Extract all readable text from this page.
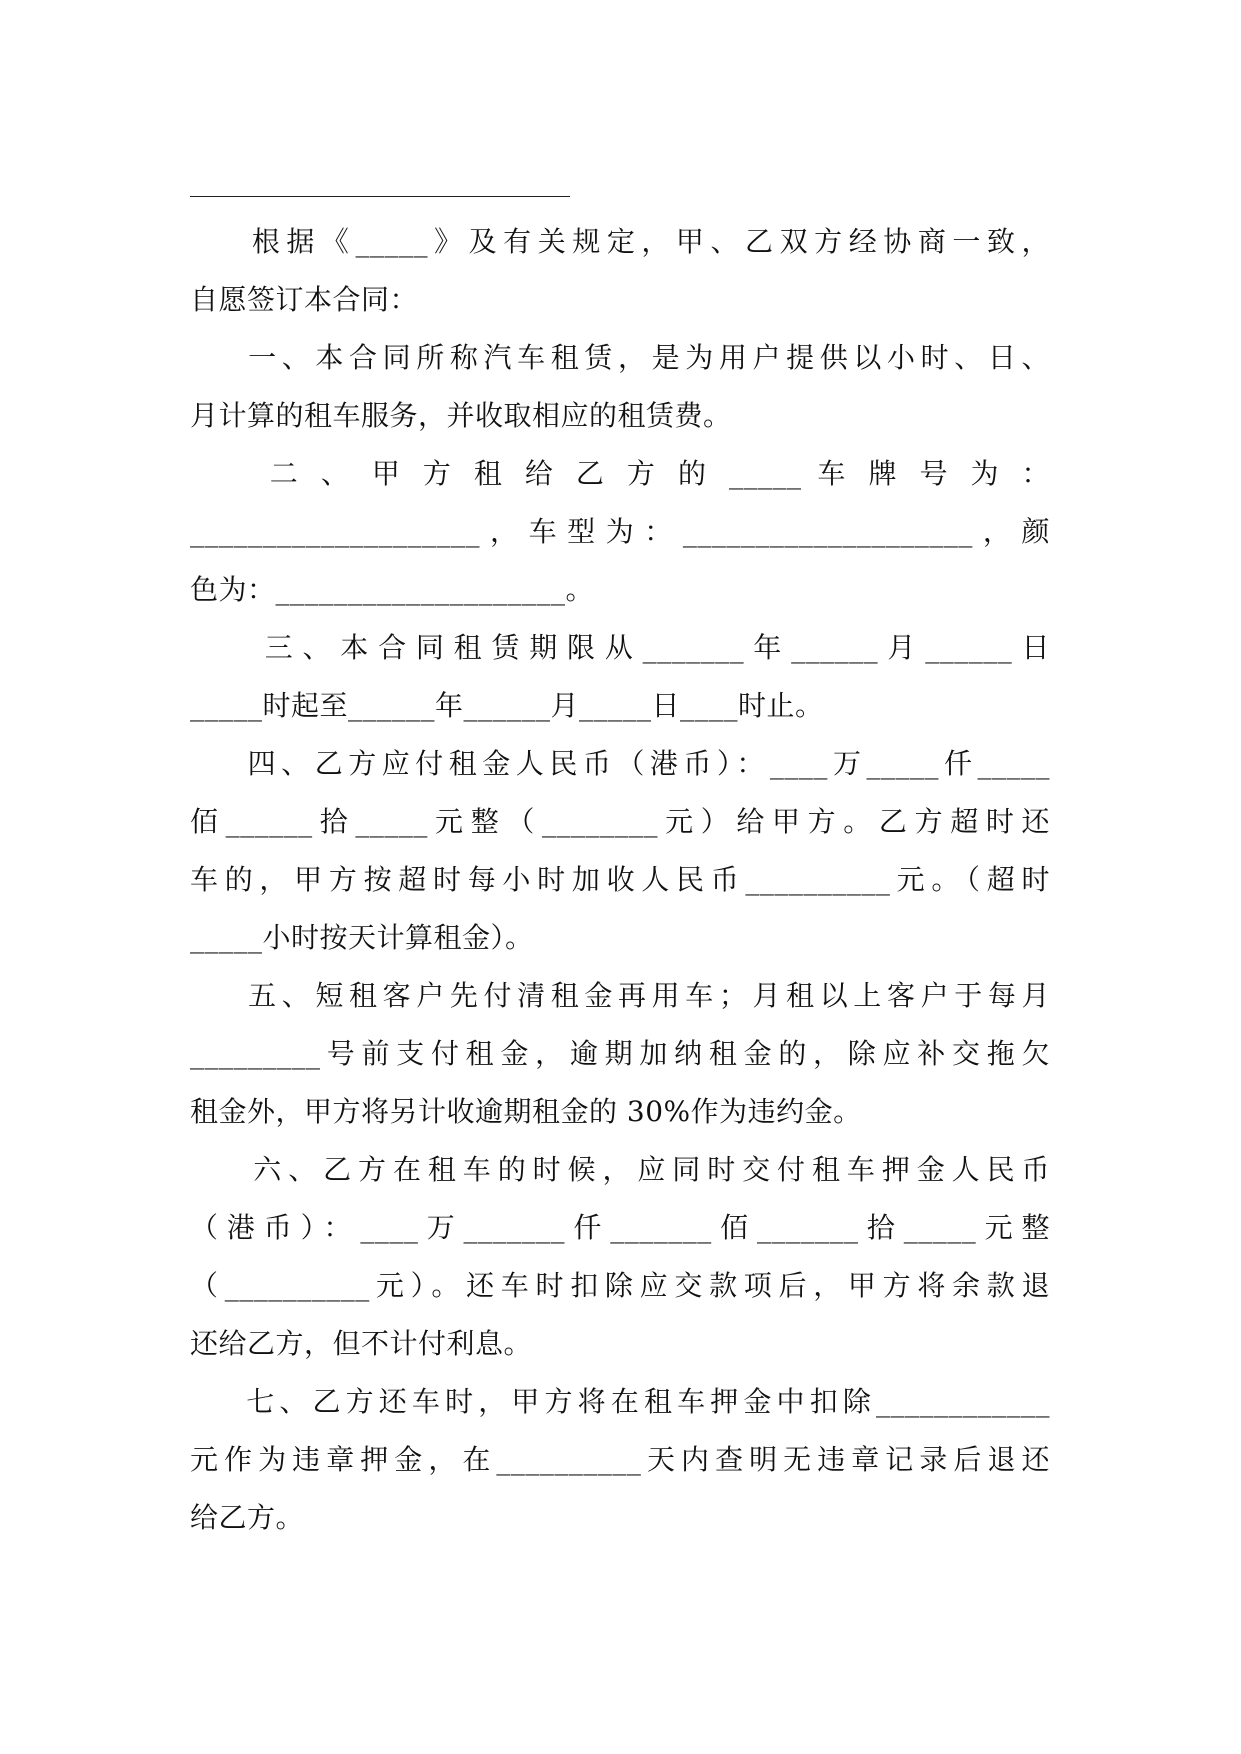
根据《_____》及有关规定，甲、乙双方经协商一致，
自愿签订本合同：
一、本合同所称汽车租赁，是为用户提供以小时、日、
月计算的租车服务，并收取相应的租赁费。
二 、 甲 方 租 给 乙 方 的 _____ 车 牌 号 为 ：
____________________，车型为：____________________，颜
色为：____________________。
三、本合同租赁期限从_______年______月______日
_____时起至______年______月_____日____时止。
四、乙方应付租金人民币（港币）：____万_____仟_____
佰______拾_____元整（________元）给甲方。乙方超时还
车的，甲方按超时每小时加收人民币__________元。（超时
_____小时按天计算租金）。
五、短租客户先付清租金再用车；月租以上客户于每月
_________号前支付租金，逾期加纳租金的，除应补交拖欠
租金外，甲方将另计收逾期租金的 30%作为违约金。
六、乙方在租车的时候，应同时交付租车押金人民币
（港币）：____万_______仟_______佰_______拾_____元整
（__________元）。还车时扣除应交款项后，甲方将余款退
还给乙方，但不计付利息。
七、乙方还车时，甲方将在租车押金中扣除____________
元作为违章押金，在__________天内查明无违章记录后退还
给乙方。
